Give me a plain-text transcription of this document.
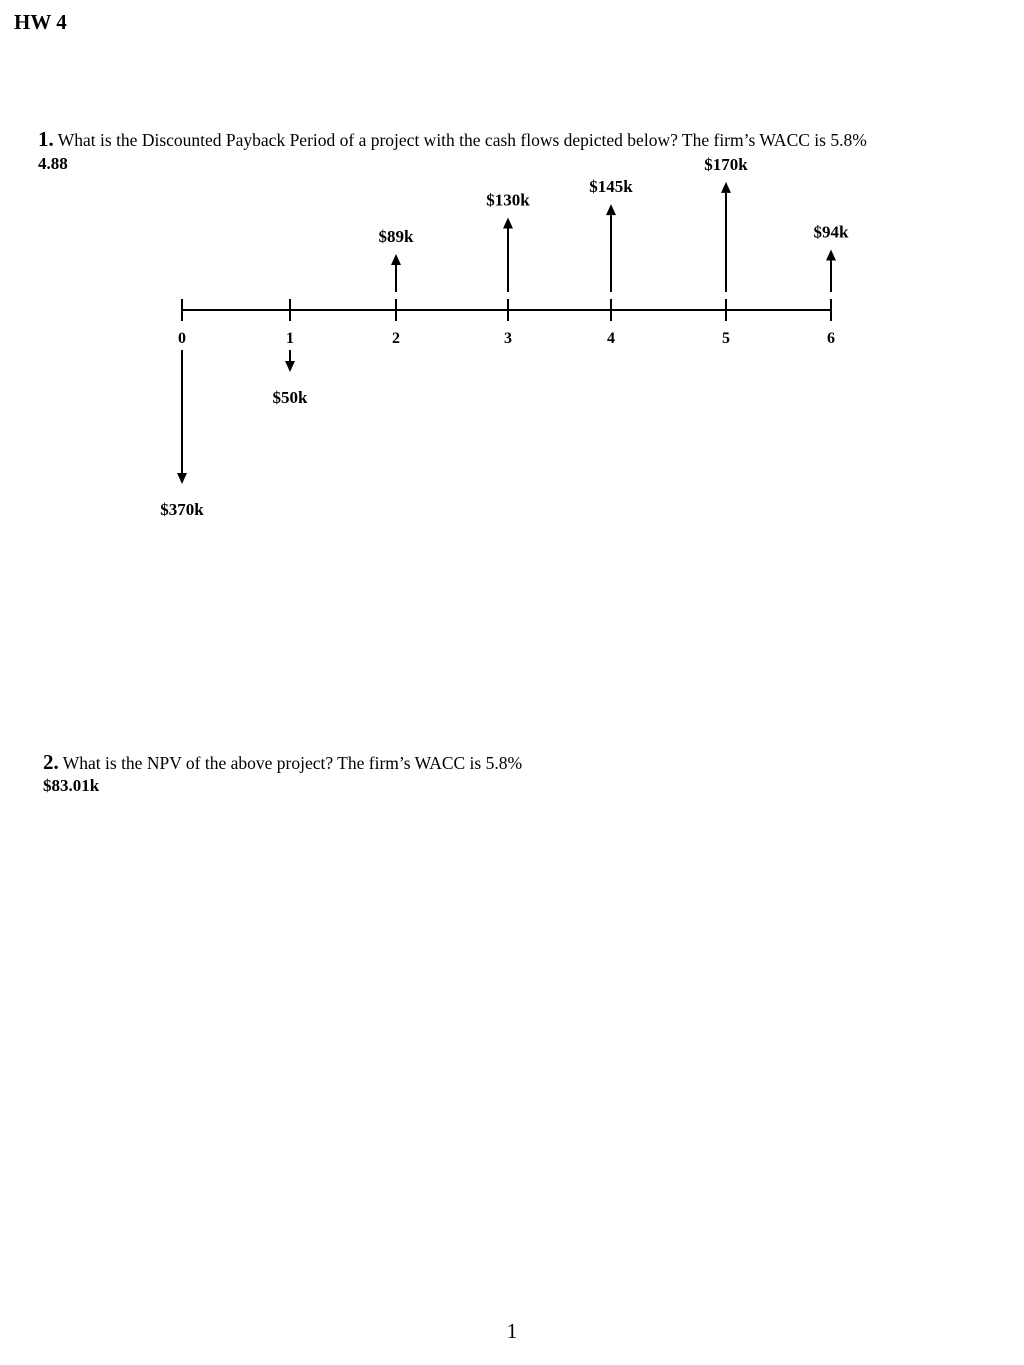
HW 4
1. What is the Discounted Payback Period of a project with the cash flows depicted below? The firm’s WACC is 5.8%
4.88
0	1	2	3	4	5	6
$370k
$50k
$89k
$130k
$145k
$170k
$94k
2. What is the NPV of the above project? The firm’s WACC is 5.8%
$83.01k
1
